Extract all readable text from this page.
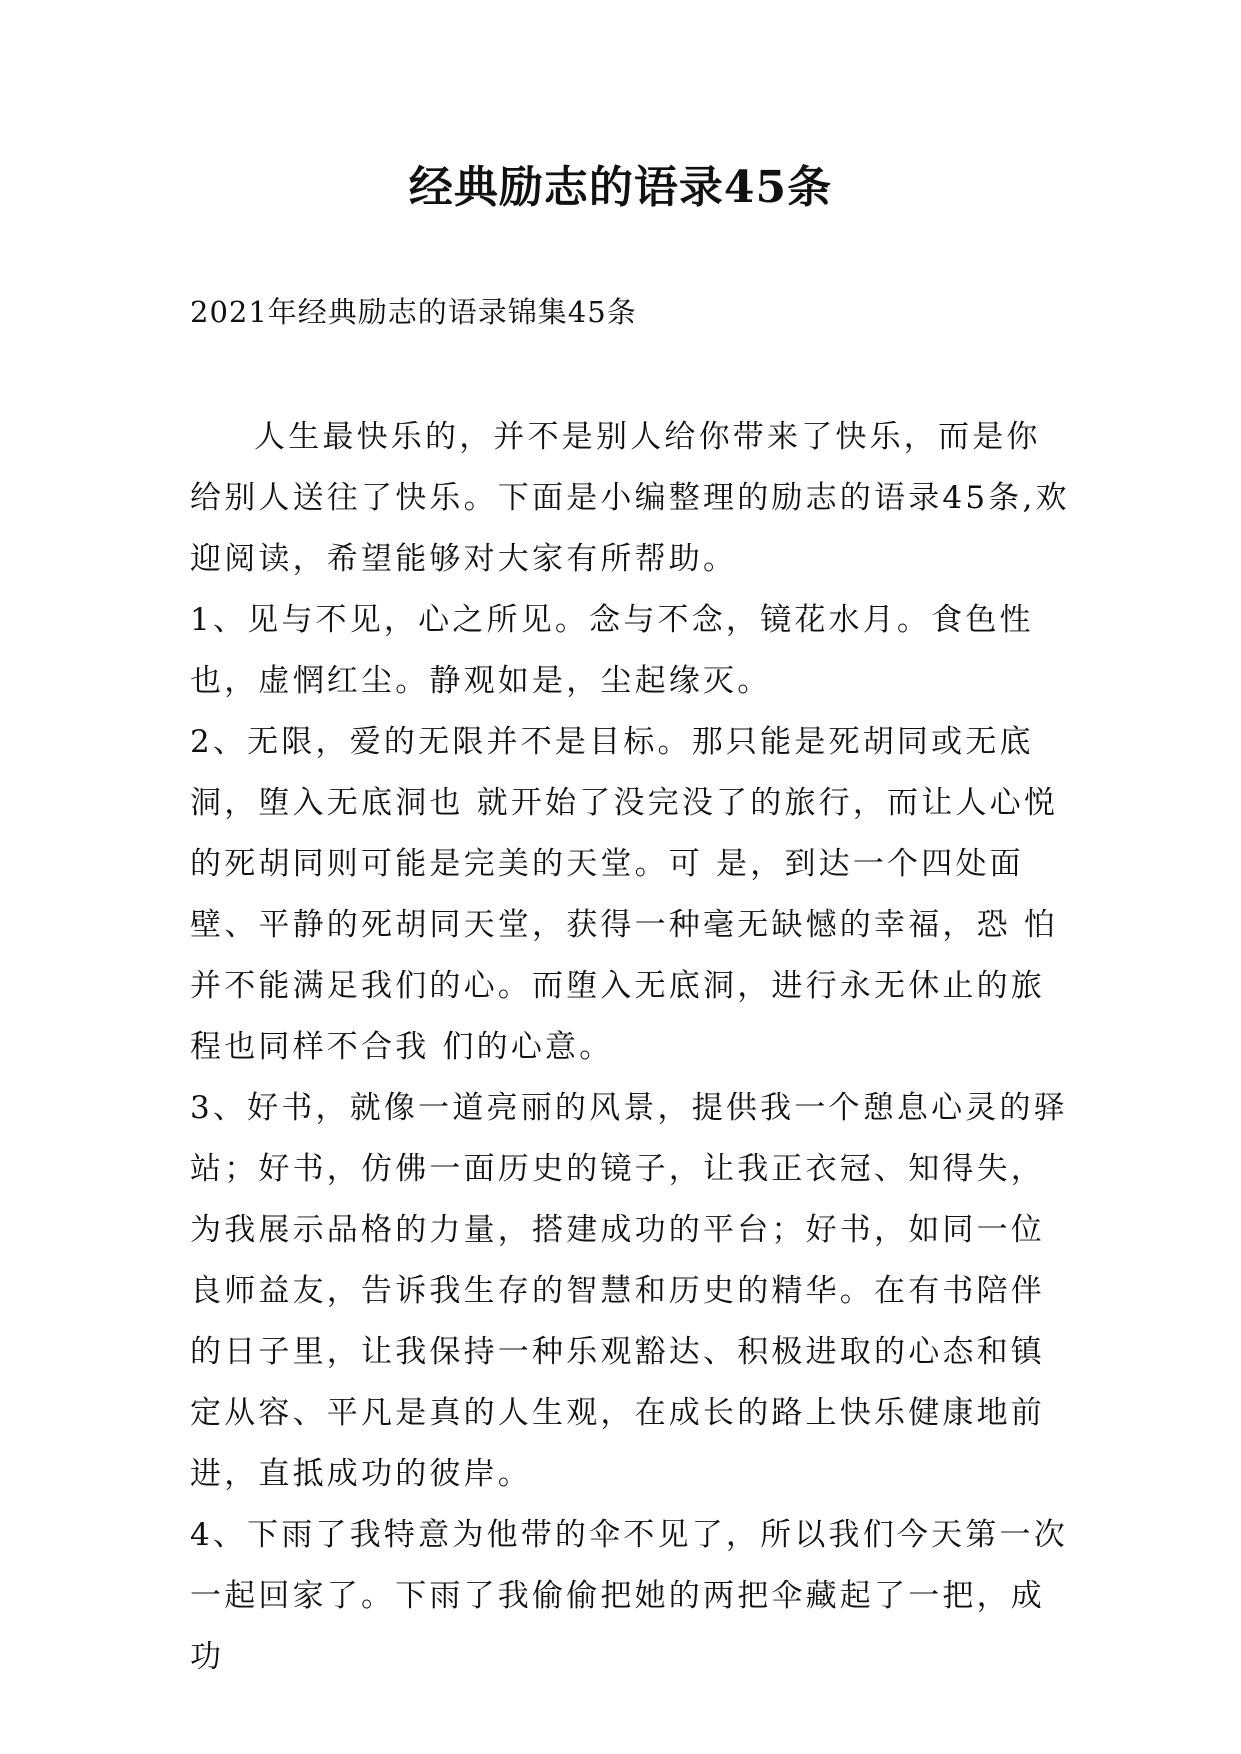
经典励志的语录45条
2021年经典励志的语录锦集45条

人生最快乐的，并不是别人给你带来了快乐，而是你给别人送往了快乐。下面是小编整理的励志的语录45条,欢迎阅读，希望能够对大家有所帮助。

1、见与不见，心之所见。念与不念，镜花水月。食色性也，虚惘红尘。静观如是，尘起缘灭。

2、无限，爱的无限并不是目标。那只能是死胡同或无底洞，堕入无底洞也 就开始了没完没了的旅行，而让人心悦的死胡同则可能是完美的天堂。可 是，到达一个四处面壁、平静的死胡同天堂，获得一种毫无缺憾的幸福，恐 怕并不能满足我们的心。而堕入无底洞，进行永无休止的旅程也同样不合我 们的心意。

3、好书，就像一道亮丽的风景，提供我一个憩息心灵的驿站；好书，仿佛一面历史的镜子，让我正衣冠、知得失，为我展示品格的力量，搭建成功的平台；好书，如同一位良师益友，告诉我生存的智慧和历史的精华。在有书陪伴的日子里，让我保持一种乐观豁达、积极进取的心态和镇定从容、平凡是真的人生观，在成长的路上快乐健康地前进，直抵成功的彼岸。

4、下雨了我特意为他带的伞不见了，所以我们今天第一次一起回家了。下雨了我偷偷把她的两把伞藏起了一把，成功
